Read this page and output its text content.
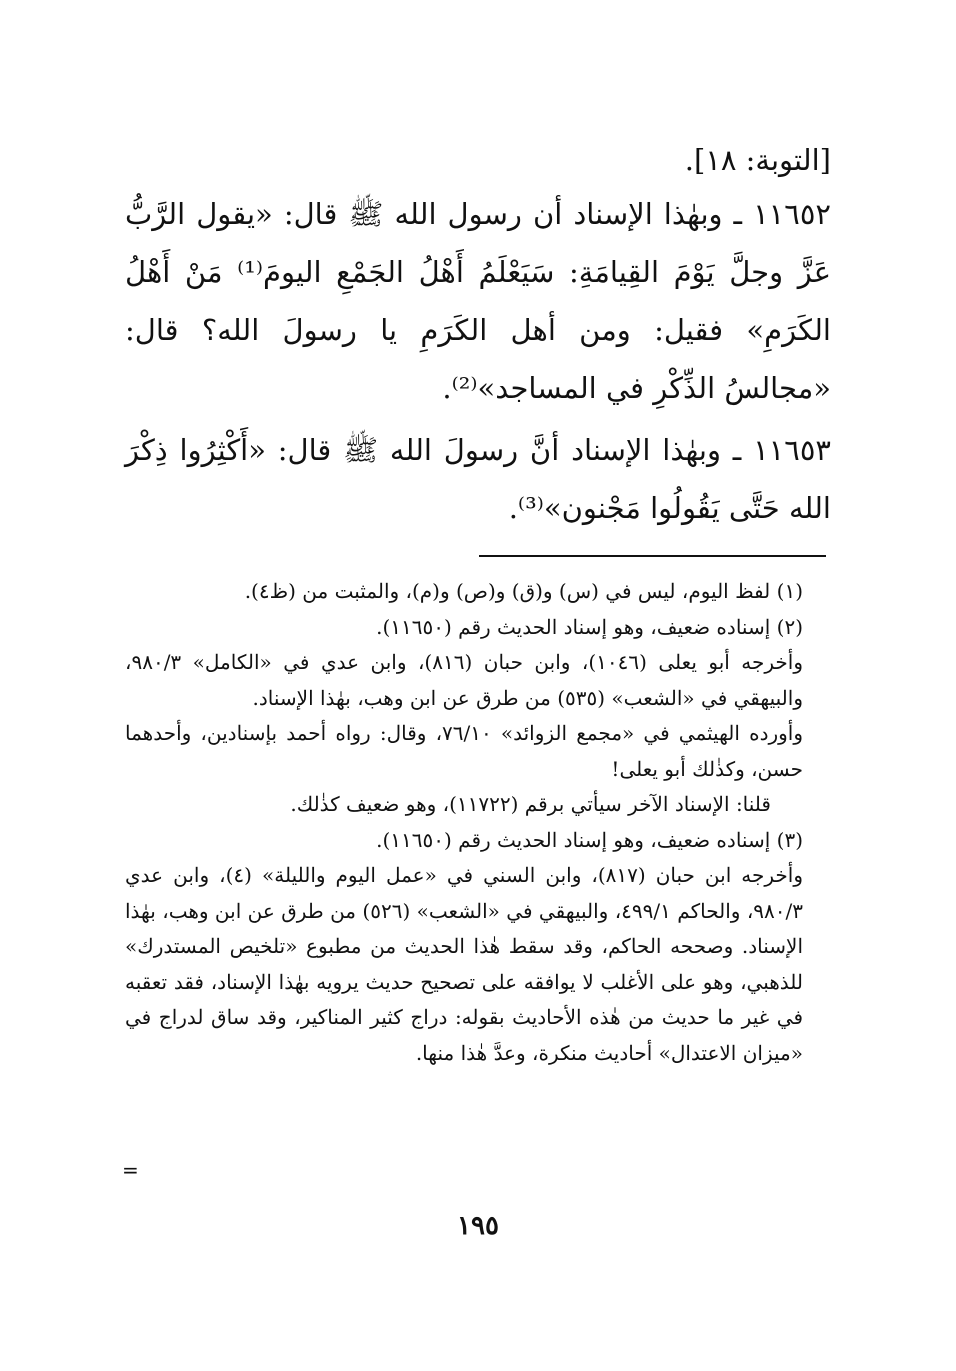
[التوبة: ١٨].

١١٦٥٢ ـ وبهٰذا الإسناد أن رسول الله ﷺ قال: «يقول الرَّبُّ عَزَّ وجلَّ يَوْمَ القِيامَةِ: سَيَعْلَمُ أَهْلُ الجَمْعِ اليومَ⁽¹⁾ مَنْ أَهْلُ الكَرَمِ» فقيل: ومن أهل الكَرَمِ يا رسولَ الله؟ قال: «مجالسُ الذِّكْرِ في المساجد»⁽²⁾.

١١٦٥٣ ـ وبهٰذا الإسناد أنَّ رسولَ الله ﷺ قال: «أَكْثِرُوا ذِكْرَ الله حَتَّى يَقُولُوا مَجْنون»⁽³⁾.

(١) لفظ اليوم، ليس في (س) و(ق) و(ص) و(م)، والمثبت من (ظ٤).

(٢) إسناده ضعيف، وهو إسناد الحديث رقم (١١٦٥٠).

وأخرجه أبو يعلى (١٠٤٦)، وابن حبان (٨١٦)، وابن عدي في «الكامل» ٩٨٠/٣، والبيهقي في «الشعب» (٥٣٥) من طرق عن ابن وهب، بهٰذا الإسناد.

وأورده الهيثمي في «مجمع الزوائد» ٧٦/١٠، وقال: رواه أحمد بإسنادين، وأحدهما حسن، وكذٰلك أبو يعلى!

قلنا: الإسناد الآخر سيأتي برقم (١١٧٢٢)، وهو ضعيف كذٰلك.

(٣) إسناده ضعيف، وهو إسناد الحديث رقم (١١٦٥٠).

وأخرجه ابن حبان (٨١٧)، وابن السني في «عمل اليوم والليلة» (٤)، وابن عدي ٩٨٠/٣، والحاكم ٤٩٩/١، والبيهقي في «الشعب» (٥٢٦) من طرق عن ابن وهب، بهٰذا الإسناد. وصححه الحاكم، وقد سقط هٰذا الحديث من مطبوع «تلخيص المستدرك» للذهبي، وهو على الأغلب لا يوافقه على تصحيح حديث يرويه بهٰذا الإسناد، فقد تعقبه في غير ما حديث من هٰذه الأحاديث بقوله: دراج كثير المناكير، وقد ساق لدراج في «ميزان الاعتدال» أحاديث منكرة، وعدَّ هٰذا منها.

=
١٩٥
